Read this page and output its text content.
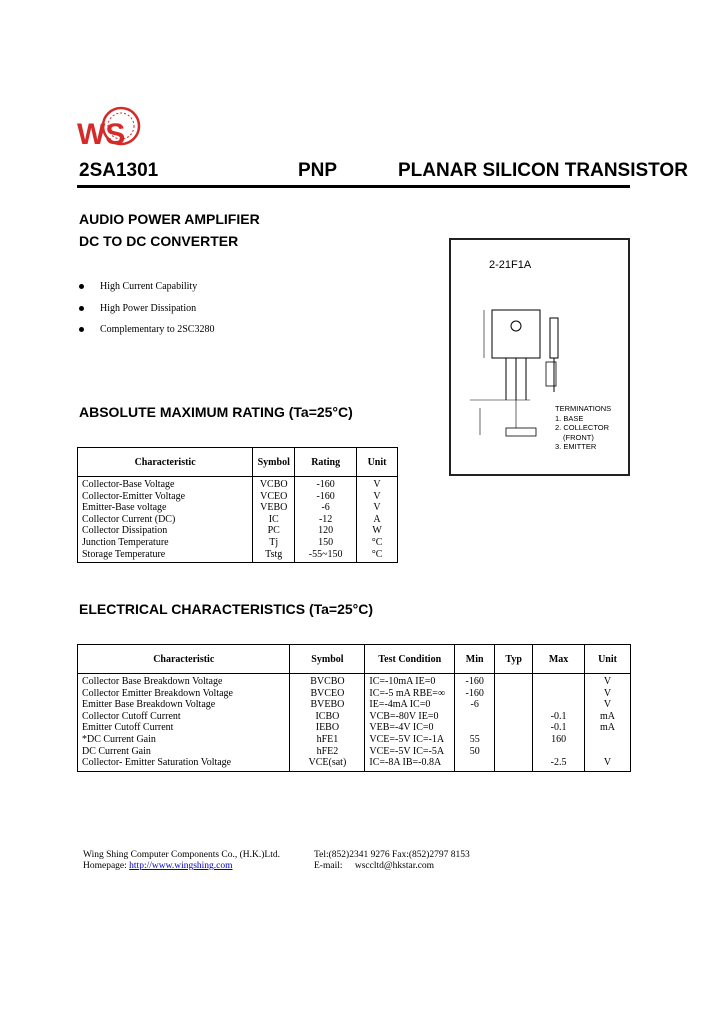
WS
2SA1301	PNP	PLANAR SILICON TRANSISTOR
AUDIO POWER AMPLIFIER
DC TO DC CONVERTER
High Current Capability
High Power Dissipation
Complementary to 2SC3280
2-21F1A
TERMINATIONS
1. BASE
2. COLLECTOR
(FRONT)
3. EMITTER
ABSOLUTE MAXIMUM RATING (Ta=25°C)
Characteristic	Symbol	Rating	Unit
Collector-Base Voltage	VCBO	-160	V
Collector-Emitter Voltage	VCEO	-160	V
Emitter-Base voltage	VEBO	-6	V
Collector Current (DC)	IC	-12	A
Collector Dissipation	PC	120	W
Junction Temperature	Tj	150	°C
Storage Temperature	Tstg	-55~150	°C
ELECTRICAL CHARACTERISTICS (Ta=25°C)
Characteristic	Symbol	Test Condition	Min	Typ	Max	Unit
Collector Base Breakdown Voltage	BVCBO	IC=-10mA IE=0	-160			V
Collector Emitter Breakdown Voltage	BVCEO	IC=-5 mA RBE=∞	-160			V
Emitter Base Breakdown Voltage	BVEBO	IE=-4mA IC=0	-6			V
Collector Cutoff Current	ICBO	VCB=-80V IE=0			-0.1	mA
Emitter Cutoff Current	IEBO	VEB=-4V IC=0			-0.1	mA
*DC Current Gain	hFE1	VCE=-5V IC=-1A	55		160	
DC Current Gain	hFE2	VCE=-5V IC=-5A	50			
Collector- Emitter Saturation Voltage	VCE(sat)	IC=-8A IB=-0.8A			-2.5	V
Wing Shing Computer Components Co., (H.K.)Ltd.	Tel:(852)2341 9276 Fax:(852)2797 8153
Homepage: http://www.wingshing.com	E-mail: wsccltd@hkstar.com
